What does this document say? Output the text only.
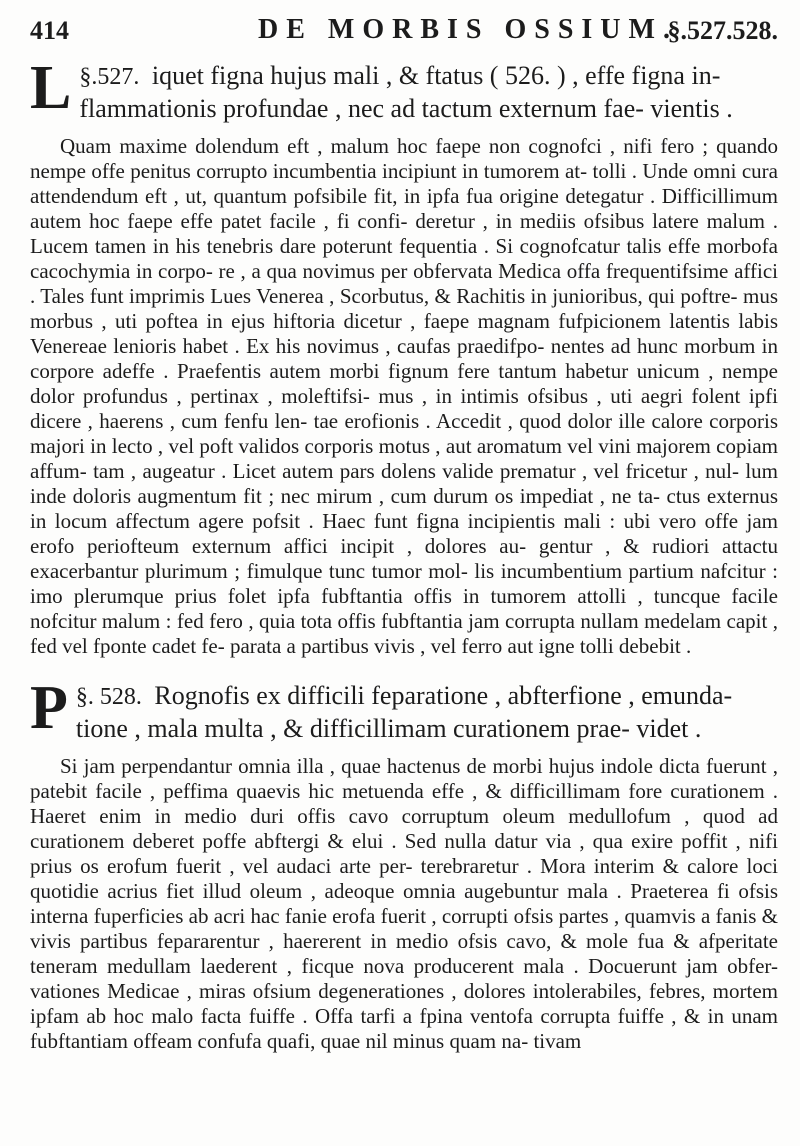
414	DE MORBIS OSSIUM.
§.527.528.

§.527.
L	iquet figna hujus mali , & ftatus ( 526. ) , effe figna in- flammationis profundae , nec ad tactum externum fae- vientis .

Quam maxime dolendum eft , malum hoc faepe non cognofci , nifi fero ; quando nempe offe penitus corrupto incumbentia incipiunt in tumorem at- tolli . Unde omni cura attendendum eft , ut, quantum pofsibile fit, in ipfa fua origine detegatur . Difficillimum autem hoc faepe effe patet facile , fi confi- deretur , in mediis ofsibus latere malum . Lucem tamen in his tenebris dare poterunt fequentia . Si cognofcatur talis effe morbofa cacochymia in corpo- re , a qua novimus per obfervata Medica offa frequentifsime affici . Tales funt imprimis Lues Venerea , Scorbutus, & Rachitis in junioribus, qui poftre- mus morbus , uti poftea in ejus hiftoria dicetur , faepe magnam fufpicionem latentis labis Venereae lenioris habet . Ex his novimus , caufas praedifpo- nentes ad hunc morbum in corpore adeffe . Praefentis autem morbi fignum fere tantum habetur unicum , nempe dolor profundus , pertinax , moleftifsi- mus , in intimis ofsibus , uti aegri folent ipfi dicere , haerens , cum fenfu len- tae erofionis . Accedit , quod dolor ille calore corporis majori in lecto , vel poft validos corporis motus , aut aromatum vel vini majorem copiam affum- tam , augeatur . Licet autem pars dolens valide prematur , vel fricetur , nul- lum inde doloris augmentum fit ; nec mirum , cum durum os impediat , ne ta- ctus externus in locum affectum agere pofsit . Haec funt figna incipientis mali : ubi vero offe jam erofo periofteum externum affici incipit , dolores au- gentur , & rudiori attactu exacerbantur plurimum ; fimulque tunc tumor mol- lis incumbentium partium nafcitur : imo plerumque prius folet ipfa fubftantia offis in tumorem attolli , tuncque facile nofcitur malum : fed fero , quia tota offis fubftantia jam corrupta nullam medelam capit , fed vel fponte cadet fe- parata a partibus vivis , vel ferro aut igne tolli debebit .

§. 528.
P	Rognofis ex difficili feparatione , abfterfione , emunda- tione , mala multa , & difficillimam curationem prae- videt .

Si jam perpendantur omnia illa , quae hactenus de morbi hujus indole dicta fuerunt , patebit facile , peffima quaevis hic metuenda effe , & difficillimam fore curationem . Haeret enim in medio duri offis cavo corruptum oleum medullofum , quod ad curationem deberet poffe abftergi & elui . Sed nulla datur via , qua exire poffit , nifi prius os erofum fuerit , vel audaci arte per- terebraretur . Mora interim & calore loci quotidie acrius fiet illud oleum , adeoque omnia augebuntur mala . Praeterea fi ofsis interna fuperficies ab acri hac fanie erofa fuerit , corrupti ofsis partes , quamvis a fanis & vivis partibus fepararentur , haererent in medio ofsis cavo, & mole fua & afperitate teneram medullam laederent , ficque nova producerent mala . Docuerunt jam obfer- vationes Medicae , miras ofsium degenerationes , dolores intolerabiles, febres, mortem ipfam ab hoc malo facta fuiffe . Offa tarfi a fpina ventofa corrupta fuiffe , & in unam fubftantiam offeam confufa quafi, quae nil minus quam na- tivam
